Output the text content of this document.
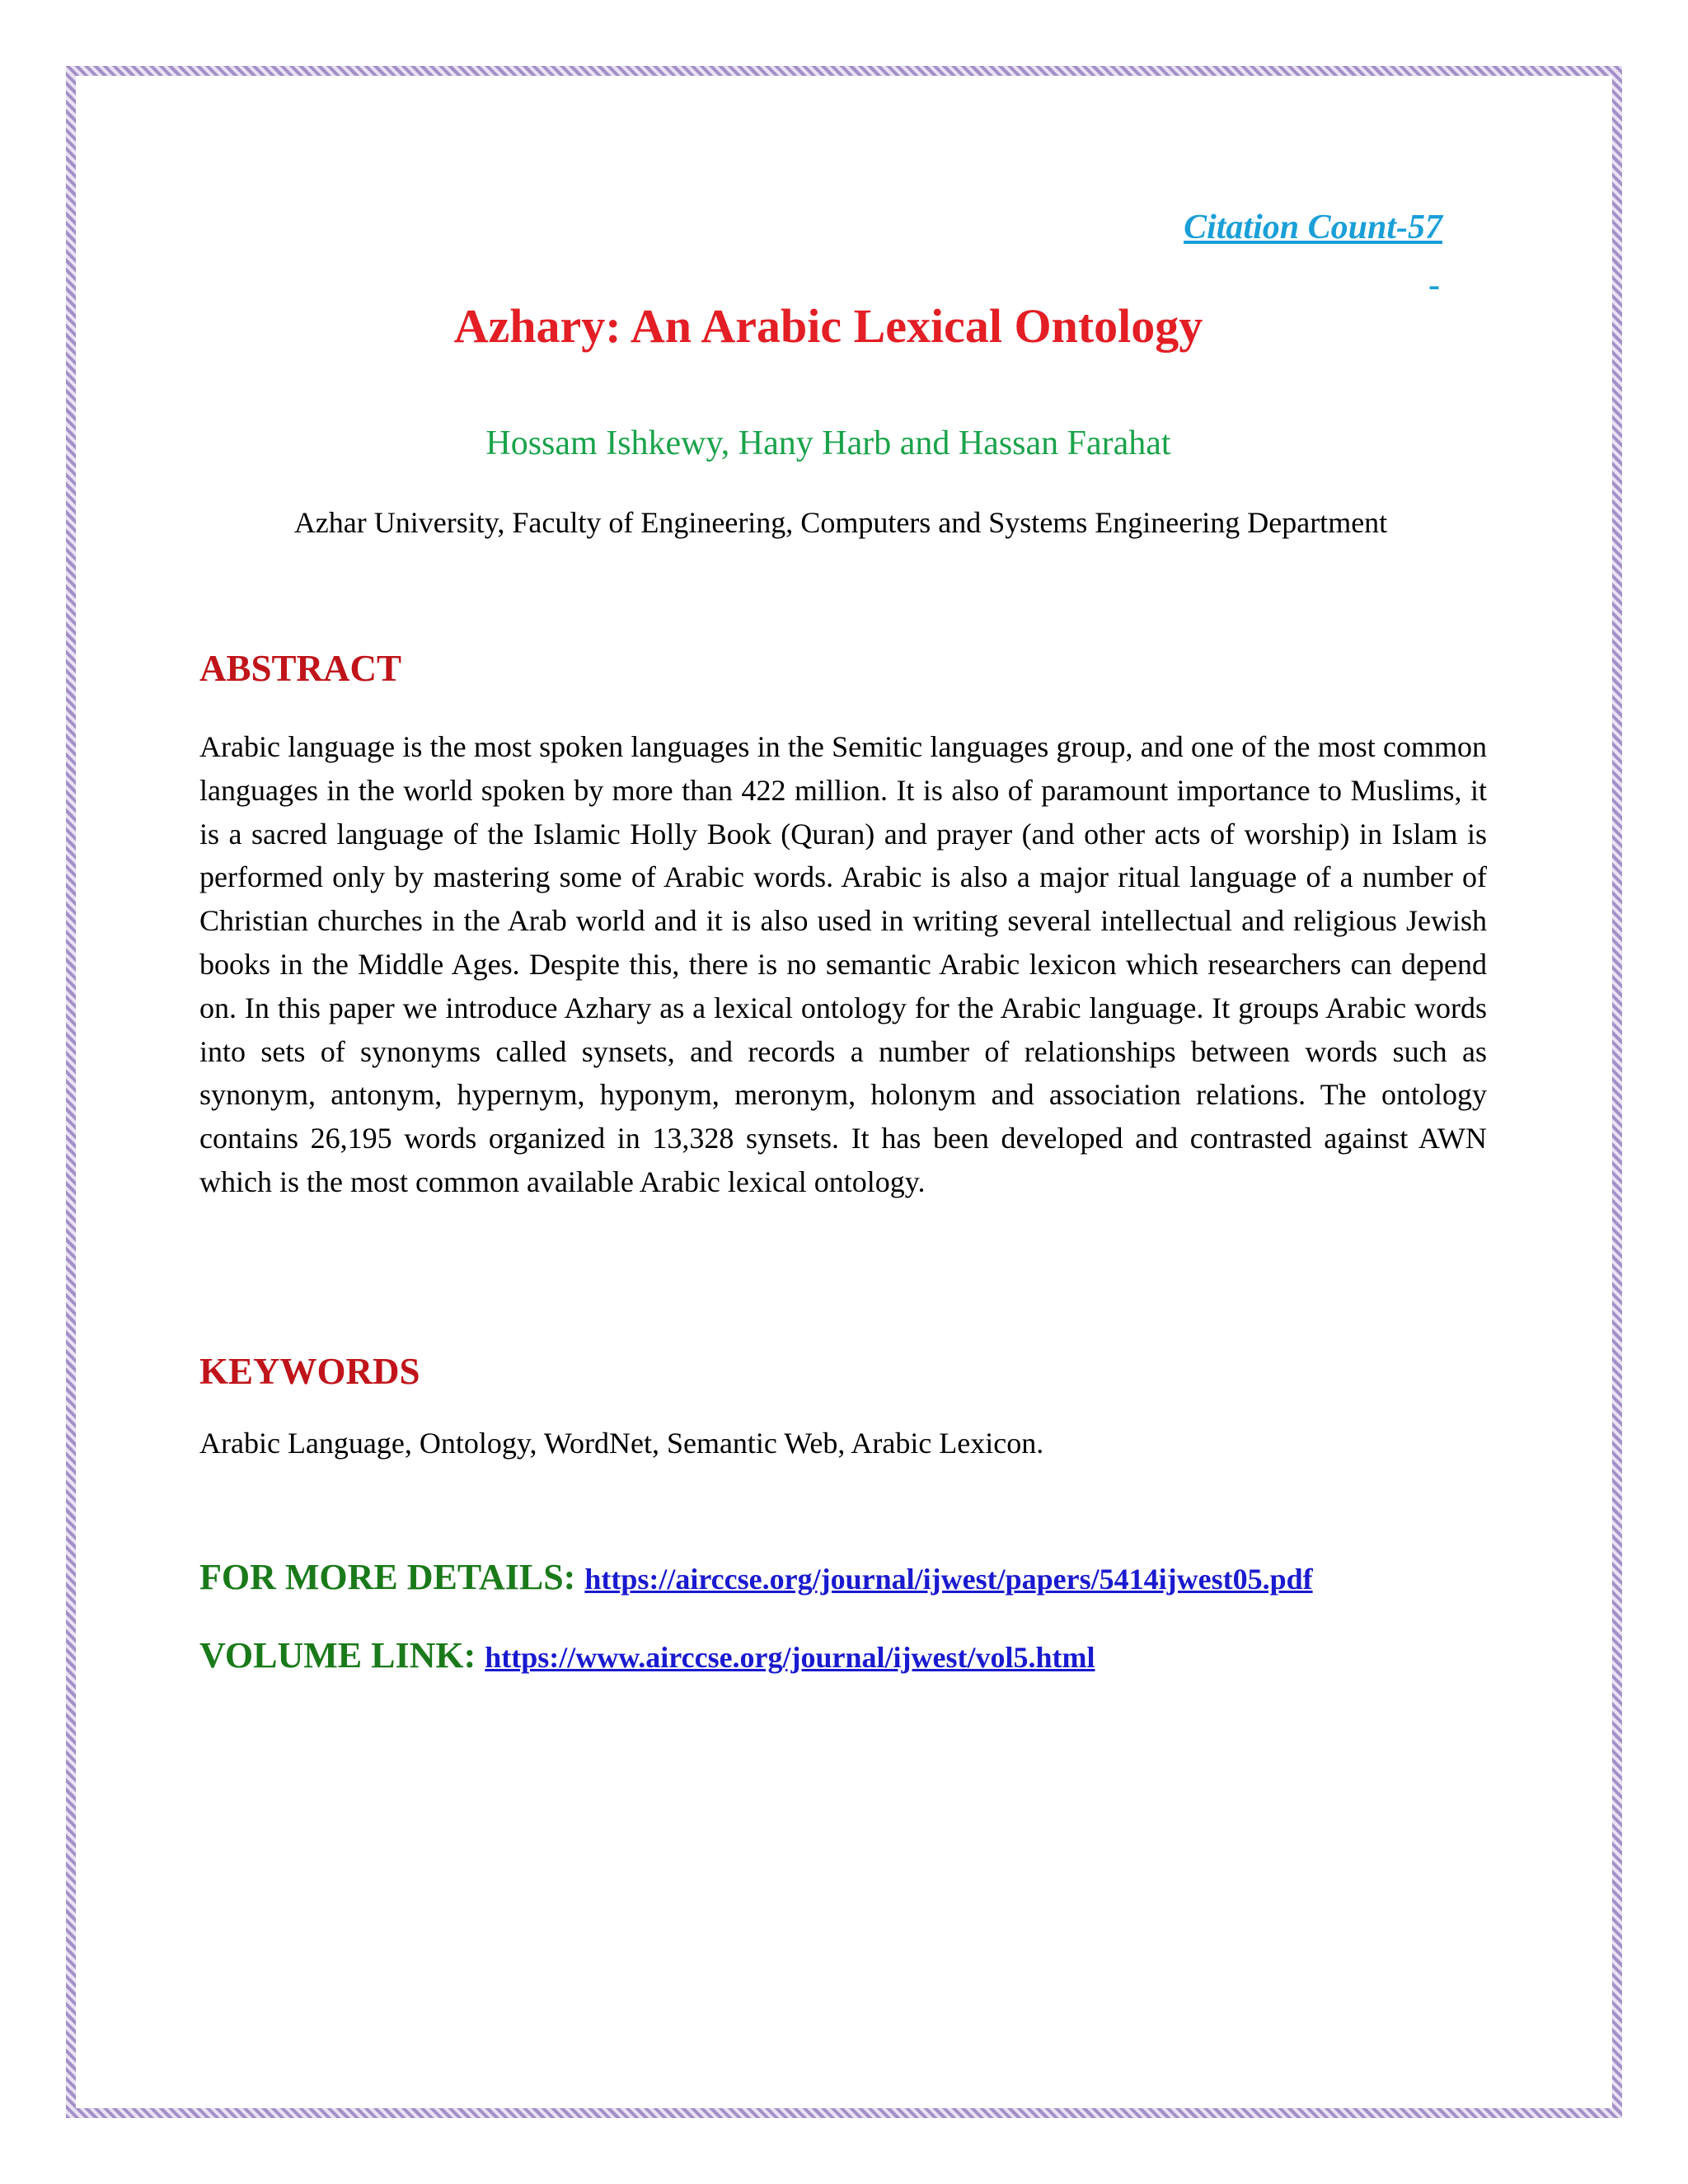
Citation Count-57
-
Azhary: An Arabic Lexical Ontology
Hossam Ishkewy, Hany Harb and Hassan Farahat
Azhar University, Faculty of Engineering, Computers and Systems Engineering Department
ABSTRACT
Arabic language is the most spoken languages in the Semitic languages group, and one of the most common languages in the world spoken by more than 422 million. It is also of paramount importance to Muslims, it is a sacred language of the Islamic Holly Book (Quran) and prayer (and other acts of worship) in Islam is performed only by mastering some of Arabic words. Arabic is also a major ritual language of a number of Christian churches in the Arab world and it is also used in writing several intellectual and religious Jewish books in the Middle Ages. Despite this, there is no semantic Arabic lexicon which researchers can depend on. In this paper we introduce Azhary as a lexical ontology for the Arabic language. It groups Arabic words into sets of synonyms called synsets, and records a number of relationships between words such as synonym, antonym, hypernym, hyponym, meronym, holonym and association relations. The ontology contains 26,195 words organized in 13,328 synsets. It has been developed and contrasted against AWN which is the most common available Arabic lexical ontology.
KEYWORDS
Arabic Language, Ontology, WordNet, Semantic Web, Arabic Lexicon.
FOR MORE DETAILS: https://airccse.org/journal/ijwest/papers/5414ijwest05.pdf
VOLUME LINK: https://www.airccse.org/journal/ijwest/vol5.html
